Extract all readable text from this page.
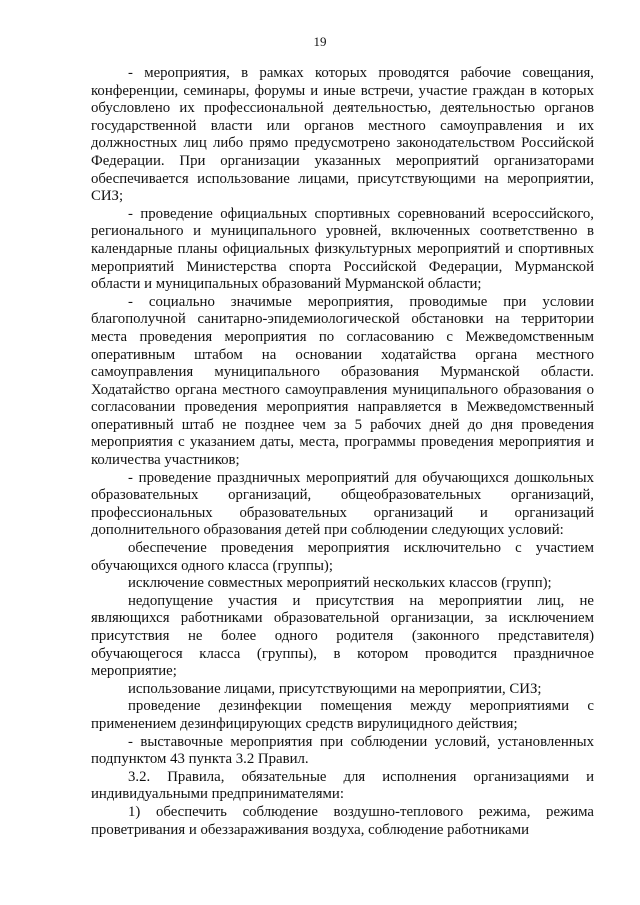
19

- мероприятия, в рамках которых проводятся рабочие совещания, конференции, семинары, форумы и иные встречи, участие граждан в которых обусловлено их профессиональной деятельностью, деятельностью органов государственной власти или органов местного самоуправления и их должностных лиц либо прямо предусмотрено законодательством Российской Федерации. При организации указанных мероприятий организаторами обеспечивается использование лицами, присутствующими на мероприятии, СИЗ;

- проведение официальных спортивных соревнований всероссийского, регионального и муниципального уровней, включенных соответственно в календарные планы официальных физкультурных мероприятий и спортивных мероприятий Министерства спорта Российской Федерации, Мурманской области и муниципальных образований Мурманской области;

- социально значимые мероприятия, проводимые при условии благополучной санитарно-эпидемиологической обстановки на территории места проведения мероприятия по согласованию с Межведомственным оперативным штабом на основании ходатайства органа местного самоуправления муниципального образования Мурманской области. Ходатайство органа местного самоуправления муниципального образования о согласовании проведения мероприятия направляется в Межведомственный оперативный штаб не позднее чем за 5 рабочих дней до дня проведения мероприятия с указанием даты, места, программы проведения мероприятия и количества участников;

- проведение праздничных мероприятий для обучающихся дошкольных образовательных организаций, общеобразовательных организаций, профессиональных образовательных организаций и организаций дополнительного образования детей при соблюдении следующих условий:

обеспечение проведения мероприятия исключительно с участием обучающихся одного класса (группы);

исключение совместных мероприятий нескольких классов (групп);

недопущение участия и присутствия на мероприятии лиц, не являющихся работниками образовательной организации, за исключением присутствия не более одного родителя (законного представителя) обучающегося класса (группы), в котором проводится праздничное мероприятие;

использование лицами, присутствующими на мероприятии, СИЗ;

проведение дезинфекции помещения между мероприятиями с применением дезинфицирующих средств вирулицидного действия;

- выставочные мероприятия при соблюдении условий, установленных подпунктом 43 пункта 3.2 Правил.

3.2. Правила, обязательные для исполнения организациями и индивидуальными предпринимателями:

1) обеспечить соблюдение воздушно-теплового режима, режима проветривания и обеззараживания воздуха, соблюдение работниками
